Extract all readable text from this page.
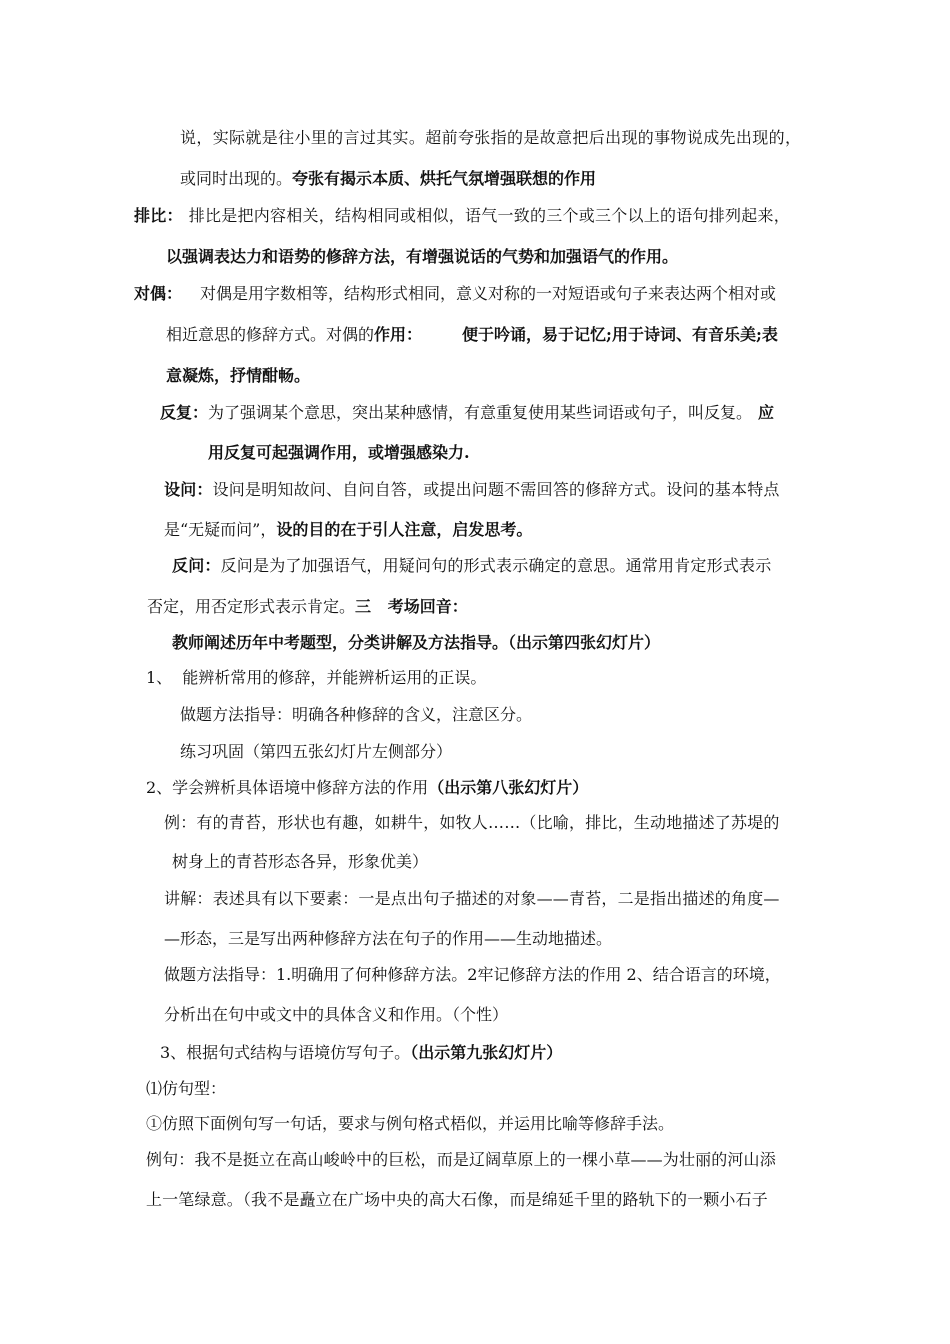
说，实际就是往小里的言过其实。超前夸张指的是故意把后出现的事物说成先出现的，
或同时出现的。夸张有揭示本质、烘托气氛增强联想的作用
排比： 排比是把内容相关，结构相同或相似，语气一致的三个或三个以上的语句排列起来，
以强调表达力和语势的修辞方法，有增强说话的气势和加强语气的作用。
对偶： 对偶是用字数相等，结构形式相同，意义对称的一对短语或句子来表达两个相对或
相近意思的修辞方式。对偶的作用：	便于吟诵，易于记忆;用于诗词、有音乐美;表
意凝炼，抒情酣畅。
反复：为了强调某个意思，突出某种感情，有意重复使用某些词语或句子，叫反复。 应
用反复可起强调作用，或增强感染力.
设问：设问是明知故问、自问自答，或提出问题不需回答的修辞方式。设问的基本特点
是“无疑而问”，设的目的在于引人注意，启发思考。
反问：反问是为了加强语气，用疑问句的形式表示确定的意思。通常用肯定形式表示
否定，用否定形式表示肯定。三   考场回音：
教师阐述历年中考题型，分类讲解及方法指导。（出示第四张幻灯片）
1、  能辨析常用的修辞，并能辨析运用的正误。
做题方法指导：明确各种修辞的含义，注意区分。
练习巩固（第四五张幻灯片左侧部分）
2、学会辨析具体语境中修辞方法的作用（出示第八张幻灯片）
例：有的青苔，形状也有趣，如耕牛，如牧人……（比喻，排比，生动地描述了苏堤的
树身上的青苔形态各异，形象优美）
讲解：表述具有以下要素：一是点出句子描述的对象——青苔，二是指出描述的角度—
—形态，三是写出两种修辞方法在句子的作用——生动地描述。
做题方法指导：1.明确用了何种修辞方法。2牢记修辞方法的作用 2、结合语言的环境，
分析出在句中或文中的具体含义和作用。（个性）
3、根据句式结构与语境仿写句子。（出示第九张幻灯片）
⑴仿句型：
①仿照下面例句写一句话，要求与例句格式梧似，并运用比喻等修辞手法。
例句：我不是挺立在高山峻岭中的巨松，而是辽阔草原上的一棵小草——为壮丽的河山添
上一笔绿意。（我不是矗立在广场中央的高大石像，而是绵延千里的路轨下的一颗小石子
